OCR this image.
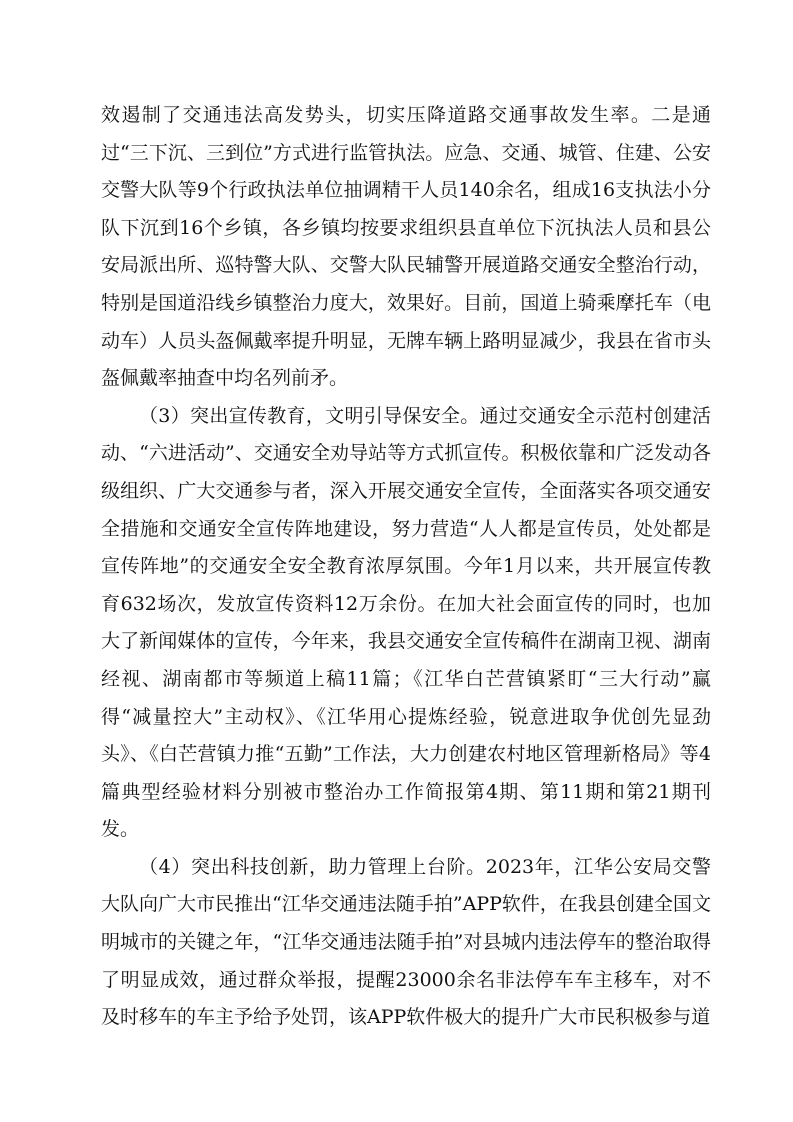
效遏制了交通违法高发势头，切实压降道路交通事故发生率。二是通过“三下沉、三到位”方式进行监管执法。应急、交通、城管、住建、公安交警大队等9个行政执法单位抽调精干人员140余名，组成16支执法小分队下沉到16个乡镇，各乡镇均按要求组织县直单位下沉执法人员和县公安局派出所、巡特警大队、交警大队民辅警开展道路交通安全整治行动，特别是国道沿线乡镇整治力度大，效果好。目前，国道上骑乘摩托车（电动车）人员头盔佩戴率提升明显，无牌车辆上路明显减少，我县在省市头盔佩戴率抽查中均名列前矛。

（3）突出宣传教育，文明引导保安全。通过交通安全示范村创建活动、“六进活动”、交通安全劝导站等方式抓宣传。积极依靠和广泛发动各级组织、广大交通参与者，深入开展交通安全宣传，全面落实各项交通安全措施和交通安全宣传阵地建设，努力营造“人人都是宣传员，处处都是宣传阵地”的交通安全安全教育浓厚氛围。今年1月以来，共开展宣传教育632场次，发放宣传资料12万余份。在加大社会面宣传的同时，也加大了新闻媒体的宣传，今年来，我县交通安全宣传稿件在湖南卫视、湖南经视、湖南都市等频道上稿11篇；《江华白芒营镇紧盯“三大行动”赢得“减量控大”主动权》、《江华用心提炼经验，锐意进取争优创先显劲头》、《白芒营镇力推“五勤”工作法，大力创建农村地区管理新格局》等4篇典型经验材料分别被市整治办工作简报第4期、第11期和第21期刊发。

（4）突出科技创新，助力管理上台阶。2023年，江华公安局交警大队向广大市民推出“江华交通违法随手拍”APP软件，在我县创建全国文明城市的关键之年，“江华交通违法随手拍”对县城内违法停车的整治取得了明显成效，通过群众举报，提醒23000余名非法停车车主移车，对不及时移车的车主予给予处罚，该APP软件极大的提升广大市民积极参与道
